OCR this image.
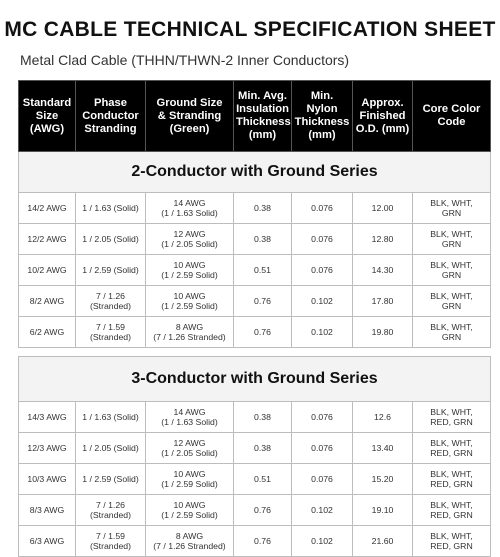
MC CABLE TECHNICAL SPECIFICATION SHEET

Metal Clad Cable (THHN/THWN-2 Inner Conductors)

Standard
Size
(AWG)	Phase
Conductor
Stranding	Ground Size
& Stranding
(Green)	Min. Avg.
Insulation
Thickness
(mm)	Min. Nylon
Thickness
(mm)	Approx.
Finished
O.D. (mm)	Core Color
Code

2-Conductor with Ground Series						
14/2 AWG	1 / 1.63 (Solid)	14 AWG
(1 / 1.63 Solid)	0.38	0.076	12.00	BLK, WHT,
GRN

12/2 AWG	1 / 2.05 (Solid)	12 AWG
(1 / 2.05 Solid)	0.38	0.076	12.80	BLK, WHT,
GRN

10/2 AWG	1 / 2.59 (Solid)	10 AWG
(1 / 2.59 Solid)	0.51	0.076	14.30	BLK, WHT,
GRN

8/2 AWG	7 / 1.26
(Stranded)	10 AWG
(1 / 2.59 Solid)	0.76	0.102	17.80	BLK, WHT,
GRN

6/2 AWG	7 / 1.59
(Stranded)	8 AWG
(7 / 1.26 Stranded)	0.76	0.102	19.80	BLK, WHT,
GRN

3-Conductor with Ground Series						
14/3 AWG	1 / 1.63 (Solid)	14 AWG
(1 / 1.63 Solid)	0.38	0.076	12.6	BLK, WHT,
RED, GRN

12/3 AWG	1 / 2.05 (Solid)	12 AWG
(1 / 2.05 Solid)	0.38	0.076	13.40	BLK, WHT,
RED, GRN

10/3 AWG	1 / 2.59 (Solid)	10 AWG
(1 / 2.59 Solid)	0.51	0.076	15.20	BLK, WHT,
RED, GRN

8/3 AWG	7 / 1.26
(Stranded)	10 AWG
(1 / 2.59 Solid)	0.76	0.102	19.10	BLK, WHT,
RED, GRN

6/3 AWG	7 / 1.59
(Stranded)	8 AWG
(7 / 1.26 Stranded)	0.76	0.102	21.60	BLK, WHT,
RED, GRN
